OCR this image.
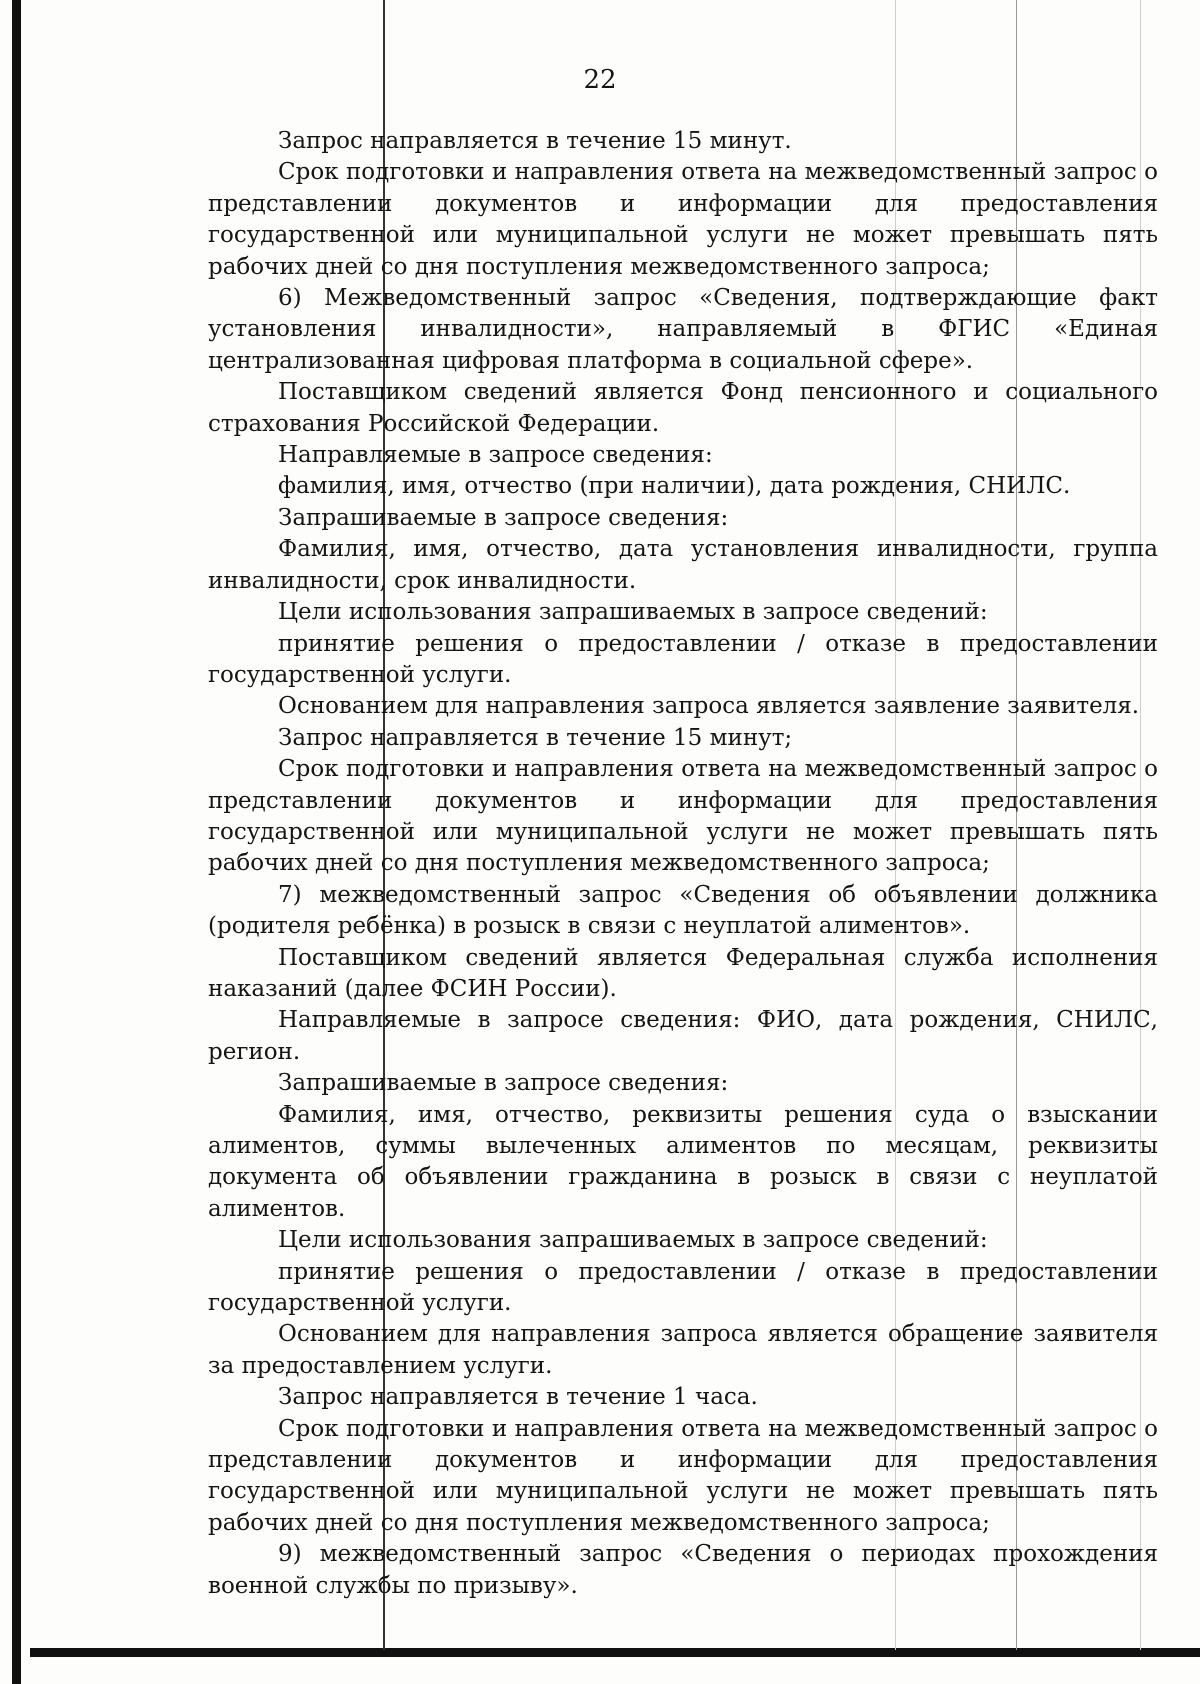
22

Запрос направляется в течение 15 минут.

Срок подготовки и направления ответа на межведомственный запрос о представлении документов и информации для предоставления государственной или муниципальной услуги не может превышать пять рабочих дней со дня поступления межведомственного запроса;

6) Межведомственный запрос «Сведения, подтверждающие факт установления инвалидности», направляемый в ФГИС «Единая централизованная цифровая платформа в социальной сфере».

Поставщиком сведений является Фонд пенсионного и социального страхования Российской Федерации.

Направляемые в запросе сведения:

фамилия, имя, отчество (при наличии), дата рождения, СНИЛС.

Запрашиваемые в запросе сведения:

Фамилия, имя, отчество, дата установления инвалидности, группа инвалидности, срок инвалидности.

Цели использования запрашиваемых в запросе сведений:

принятие решения о предоставлении / отказе в предоставлении государственной услуги.

Основанием для направления запроса является заявление заявителя.

Запрос направляется в течение 15 минут;

Срок подготовки и направления ответа на межведомственный запрос о представлении документов и информации для предоставления государственной или муниципальной услуги не может превышать пять рабочих дней со дня поступления межведомственного запроса;

7) межведомственный запрос «Сведения об объявлении должника (родителя ребёнка) в розыск в связи с неуплатой алиментов».

Поставщиком сведений является Федеральная служба исполнения наказаний (далее ФСИН России).

Направляемые в запросе сведения: ФИО, дата рождения, СНИЛС, регион.

Запрашиваемые в запросе сведения:

Фамилия, имя, отчество, реквизиты решения суда о взыскании алиментов, суммы вылеченных алиментов по месяцам, реквизиты документа об объявлении гражданина в розыск в связи с неуплатой алиментов.

Цели использования запрашиваемых в запросе сведений:

принятие решения о предоставлении / отказе в предоставлении государственной услуги.

Основанием для направления запроса является обращение заявителя за предоставлением услуги.

Запрос направляется в течение 1 часа.

Срок подготовки и направления ответа на межведомственный запрос о представлении документов и информации для предоставления государственной или муниципальной услуги не может превышать пять рабочих дней со дня поступления межведомственного запроса;

9) межведомственный запрос «Сведения о периодах прохождения военной службы по призыву».
